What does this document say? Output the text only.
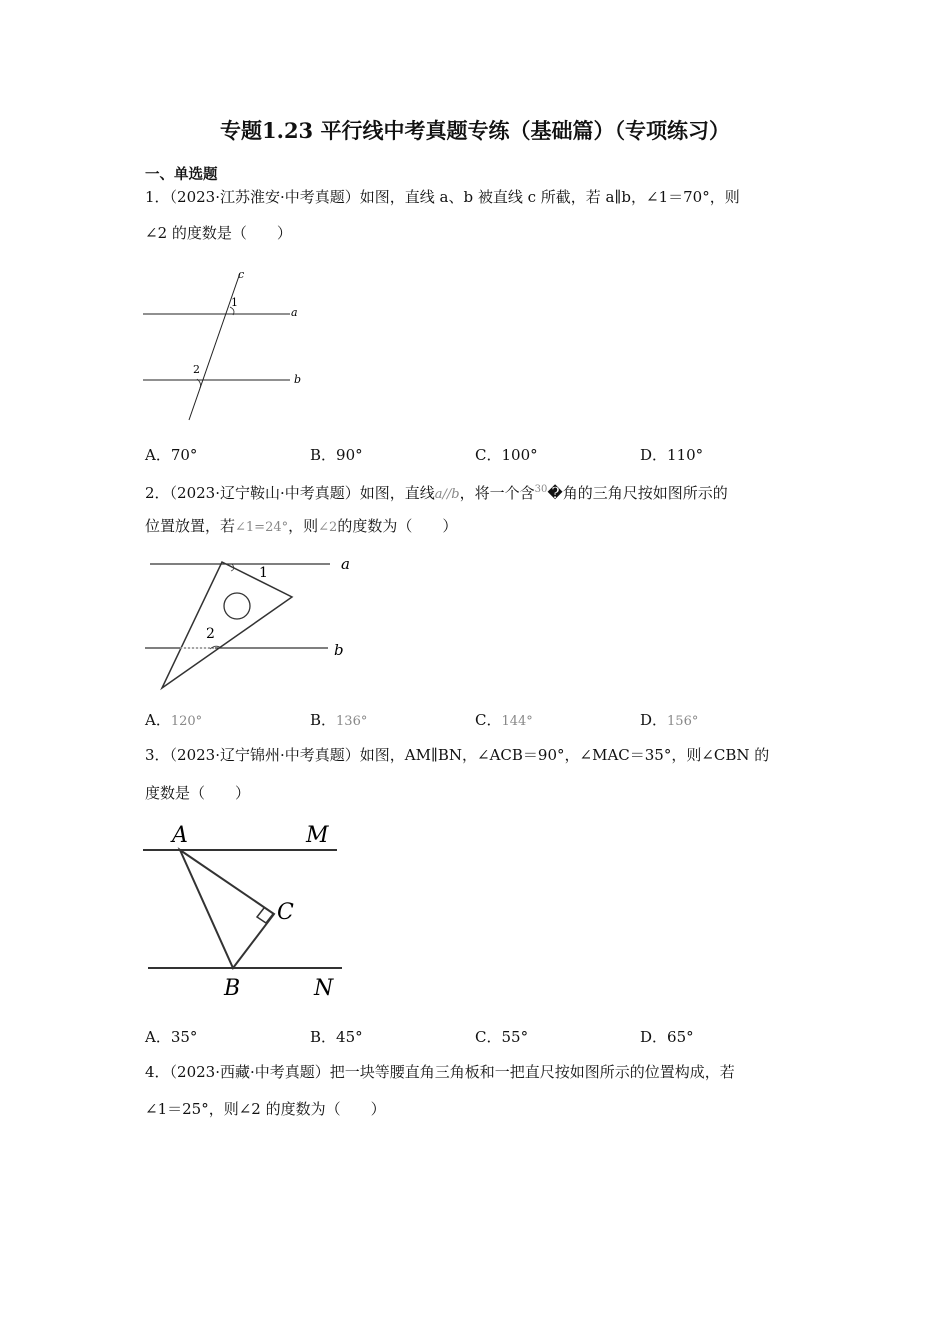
专题1.23 平行线中考真题专练（基础篇）（专项练习）
一、单选题
1．（2023·江苏淮安·中考真题）如图，直线 a、b 被直线 c 所截，若 a∥b，∠1＝70°，则
∠2 的度数是（　　）
c
1
a
2
b
A．70°	B．90°	C．100°	D．110°
2．（2023·辽宁鞍山·中考真题）如图，直线a//b，将一个含$^{30}$�角的三角尺按如图所示的
位置放置，若∠1=24°，则∠2的度数为（　　）
1
2
a
b
A．120°	B．136°	C．144°	D．156°
3．（2023·辽宁锦州·中考真题）如图，AM∥BN，∠ACB＝90°，∠MAC＝35°，则∠CBN 的
度数是（　　）
A	M
C
B	N
A．35°	B．45°	C．55°	D．65°
4．（2023·西藏·中考真题）把一块等腰直角三角板和一把直尺按如图所示的位置构成，若
∠1＝25°，则∠2 的度数为（　　）
